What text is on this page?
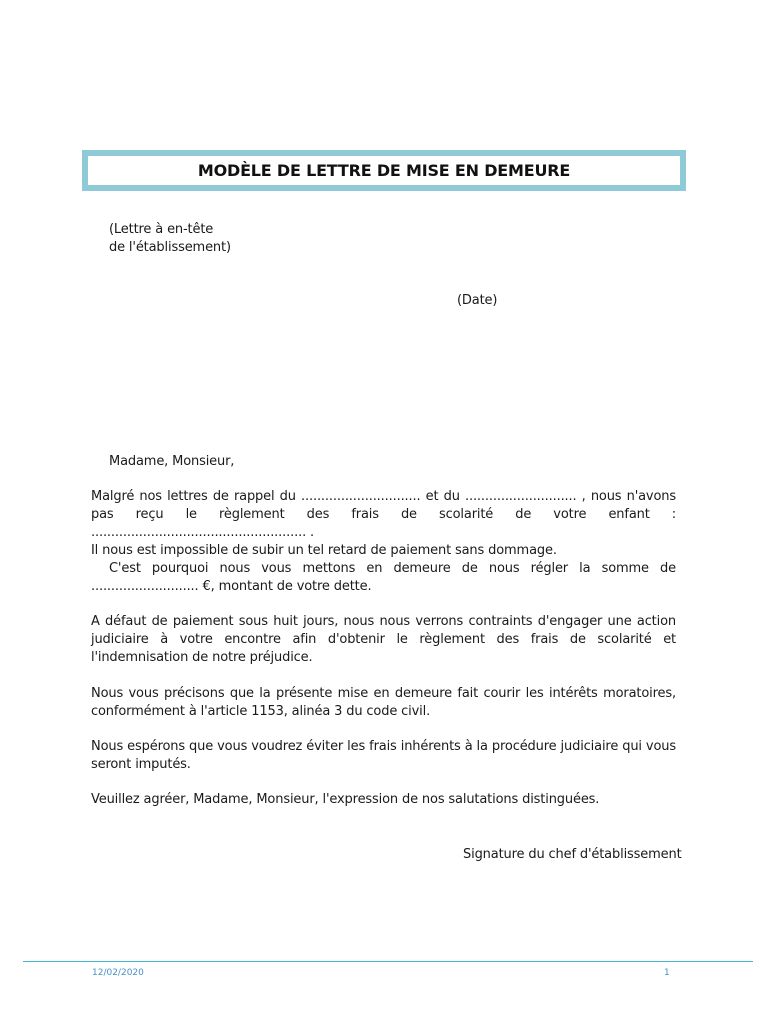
MODÈLE DE LETTRE DE MISE EN DEMEURE
(Lettre à en-tête
de l'établissement)
(Date)
Madame, Monsieur,
Malgré nos lettres de rappel du .............................. et du ............................ , nous n'avons pas reçu le règlement des frais de scolarité de votre enfant : ...................................................... .
Il nous est impossible de subir un tel retard de paiement sans dommage.
C'est pourquoi nous vous mettons en demeure de nous régler la somme de ........................... €, montant de votre dette.
A défaut de paiement sous huit jours, nous nous verrons contraints d'engager une action judiciaire à votre encontre afin d'obtenir le règlement des frais de scolarité et l'indemnisation de notre préjudice.
Nous vous précisons que la présente mise en demeure fait courir les intérêts moratoires, conformément à l'article 1153, alinéa 3 du code civil.
Nous espérons que vous voudrez éviter les frais inhérents à la procédure judiciaire qui vous seront imputés.
Veuillez agréer, Madame, Monsieur, l'expression de nos salutations distinguées.
Signature du chef d'établissement
12/02/2020	1
